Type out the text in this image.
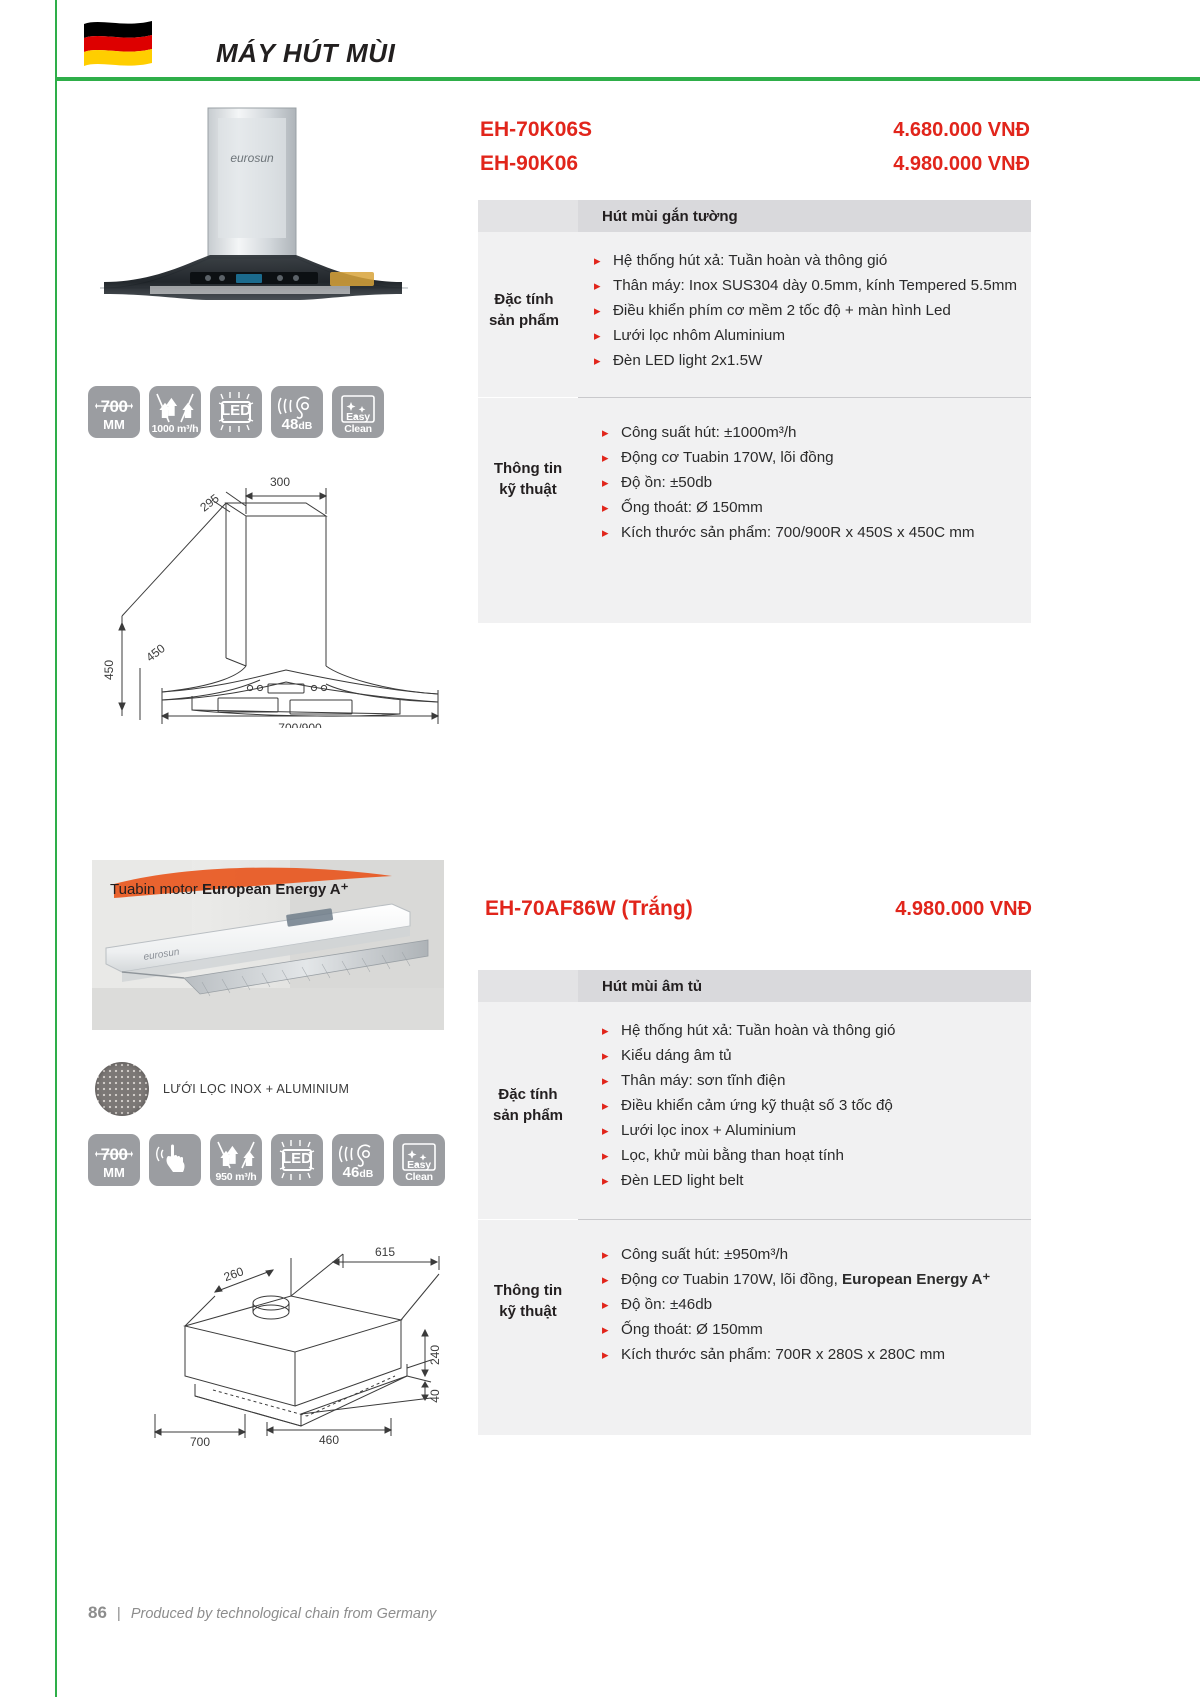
MÁY HÚT MÙI
eurosun
700
MM	1000 m³/h
LED
48dB
Easy Clean
300
295
450
450
700/900
EH-70K06S	4.680.000 VNĐ
EH-90K06	4.980.000 VNĐ
Hút mùi gắn tường
Đặc tính
sản phẩm
▸ Hệ thống hút xả: Tuần hoàn và thông gió
▸ Thân máy: Inox SUS304 dày 0.5mm, kính Tempered 5.5mm
▸ Điều khiển phím cơ mềm 2 tốc độ + màn hình Led
▸ Lưới lọc nhôm Aluminium
▸ Đèn LED light 2x1.5W
Thông tin
kỹ thuật
▸ Công suất hút: ±1000m³/h
▸ Động cơ Tuabin 170W, lõi đồng
▸ Độ ồn: ±50db
▸ Ống thoát: Ø 150mm
▸ Kích thước sản phẩm: 700/900R x 450S x 450C mm
eurosun
Tuabin motor European Energy A⁺
LƯỚI LỌC INOX + ALUMINIUM
700
MM	950 m³/h
LED
46dB
Easy Clean
615
260
240
40
700	460
EH-70AF86W (Trắng)	4.980.000 VNĐ
Hút mùi âm tủ
Đặc tính
sản phẩm
▸ Hệ thống hút xả: Tuần hoàn và thông gió
▸ Kiểu dáng âm tủ
▸ Thân máy: sơn tĩnh điện
▸ Điều khiển cảm ứng kỹ thuật số 3 tốc độ
▸ Lưới lọc inox + Aluminium
▸ Lọc, khử mùi bằng than hoạt tính
▸ Đèn LED light belt
Thông tin
kỹ thuật
▸ Công suất hút: ±950m³/h
▸ Động cơ Tuabin 170W, lõi đồng, European Energy A⁺
▸ Độ ồn: ±46db
▸ Ống thoát: Ø 150mm
▸ Kích thước sản phẩm: 700R x 280S x 280C mm
86 | Produced by technological chain from Germany
